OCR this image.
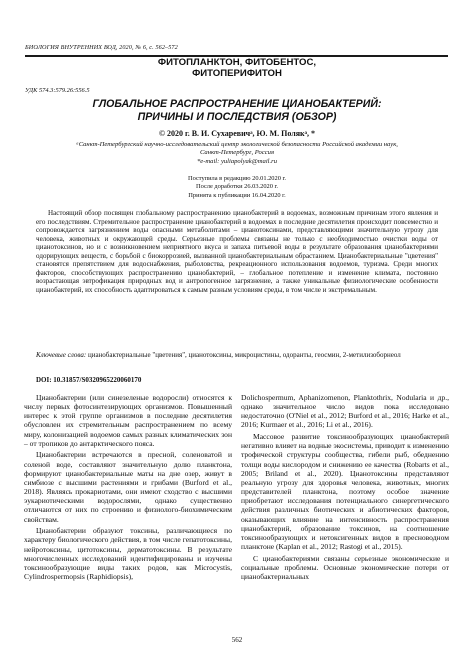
БИОЛОГИЯ ВНУТРЕННИХ ВОД, 2020, № 6, с. 562–572
ФИТОПЛАНКТОН, ФИТОБЕНТОС,
ФИТОПЕРИФИТОН
УДК 574.3:579.26:556.5
ГЛОБАЛЬНОЕ РАСПРОСТРАНЕНИЕ ЦИАНОБАКТЕРИЙ:
ПРИЧИНЫ И ПОСЛЕДСТВИЯ (ОБЗОР)
© 2020 г. В. И. Сухаревичᵃ, Ю. М. Полякᵃ, *
ᵃСанкт-Петербургский научно-исследовательский центр экологической безопасности Российской академии наук,
Санкт-Петербург, Россия
*e-mail: yuliapolyak@mail.ru
Поступила в редакцию 20.01.2020 г.
После доработки 26.03.2020 г.
Принята к публикации 16.04.2020 г.
Настоящий обзор посвящен глобальному распространению цианобактерий в водоемах, возможным причинам этого явления и его последствиям. Стремительное распространение цианобактерий в водоемах в последние десятилетия происходит повсеместно и сопровождается загрязнением воды опасными метаболитами – цианотоксинами, представляющими значительную угрозу для человека, животных и окружающей среды. Серьезные проблемы связаны не только с необходимостью очистки воды от цианотоксинов, но и с возникновением неприятного вкуса и запаха питьевой воды в результате образования цианобактериями одорирующих веществ, с борьбой с биокоррозией, вызванной цианобактериальным обрастанием. Цианобактериальные "цветения" становятся препятствием для водоснабжения, рыболовства, рекреационного использования водоемов, туризма. Среди многих факторов, способствующих распространению цианобактерий, – глобальное потепление и изменение климата, постоянно возрастающая эвтрофикация природных вод и антропогенное загрязнение, а также уникальные физиологические особенности цианобактерий, их способность адаптироваться к самым разным условиям среды, в том числе и экстремальным.
Ключевые слова: цианобактериальные "цветения", цианотоксины, микроцистины, одоранты, геосмин, 2-метилизоборнеол
DOI: 10.31857/S0320965220060170

Цианобактерии (или синезеленые водоросли) относятся к числу первых фотосинтезирующих организмов. Повышенный интерес к этой группе организмов в последние десятилетия обусловлен их стремительным распространением по всему миру, колонизацией водоемов самых разных климатических зон – от тропиков до антарктического пояса.

Цианобактерии встречаются в пресной, соленоватой и соленой воде, составляют значительную долю планктона, формируют цианобактериальные маты на дне озер, живут в симбиозе с высшими растениями и грибами (Burford et al., 2018). Являясь прокариотами, они имеют сходство с высшими эукариотическими водорослями, однако существенно отличаются от них по строению и физиолого-биохимическим свойствам.

Цианобактерии образуют токсины, различающиеся по характеру биологического действия, в том числе гепатотоксины, нейротоксины, цитотоксины, дерматотоксины. В результате многочисленных исследований идентифицированы и изучены токсинообразующие виды таких родов, как Microcystis, Cylindrospermopsis (Raphidiopsis),

Dolichospermum, Aphanizomenon, Planktothrix, Nodularia и др., однако значительное число видов пока исследовано недостаточно (O'Niel et al., 2012; Burford et al., 2016; Harke et al., 2016; Kurmaer et al., 2016; Li et al., 2016).

Массовое развитие токсинообразующих цианобактерий негативно влияет на водные экосистемы, приводит к изменению трофической структуры сообщества, гибели рыб, обеднению толщи воды кислородом и снижению ее качества (Robarts et al., 2005; Briland et al., 2020). Цианотоксины представляют реальную угрозу для здоровья человека, животных, многих представителей планктона, поэтому особое значение приобретают исследования потенциального синергетического действия различных биотических и абиотических факторов, оказывающих влияние на интенсивность распространения цианобактерий, образование токсинов, на соотношение токсинообразующих и нетоксигенных видов в пресноводном планктоне (Kaplan et al., 2012; Rastogi et al., 2015).

С цианобактериями связаны серьезные экономические и социальные проблемы. Основные экономические потери от цианобактериальных

562
